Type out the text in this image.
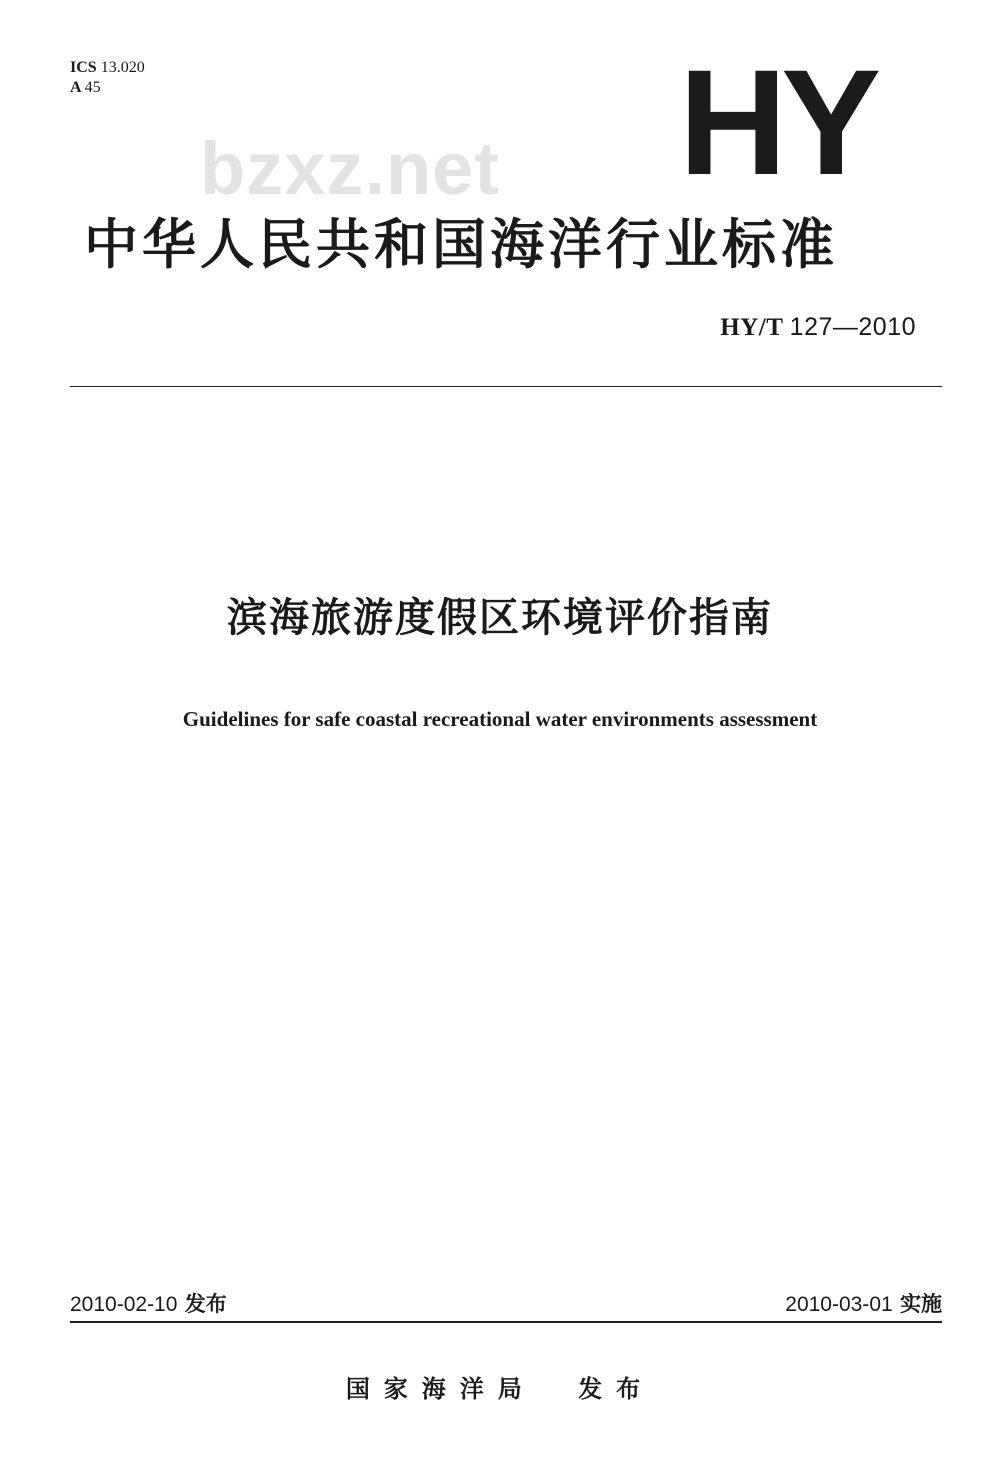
ICS 13.020
A 45
bzxz.net HY
中华人民共和国海洋行业标准
HY/T 127—2010
滨海旅游度假区环境评价指南
Guidelines for safe coastal recreational water environments assessment
2010-02-10 发布	2010-03-01 实施
国家海洋局 发布
